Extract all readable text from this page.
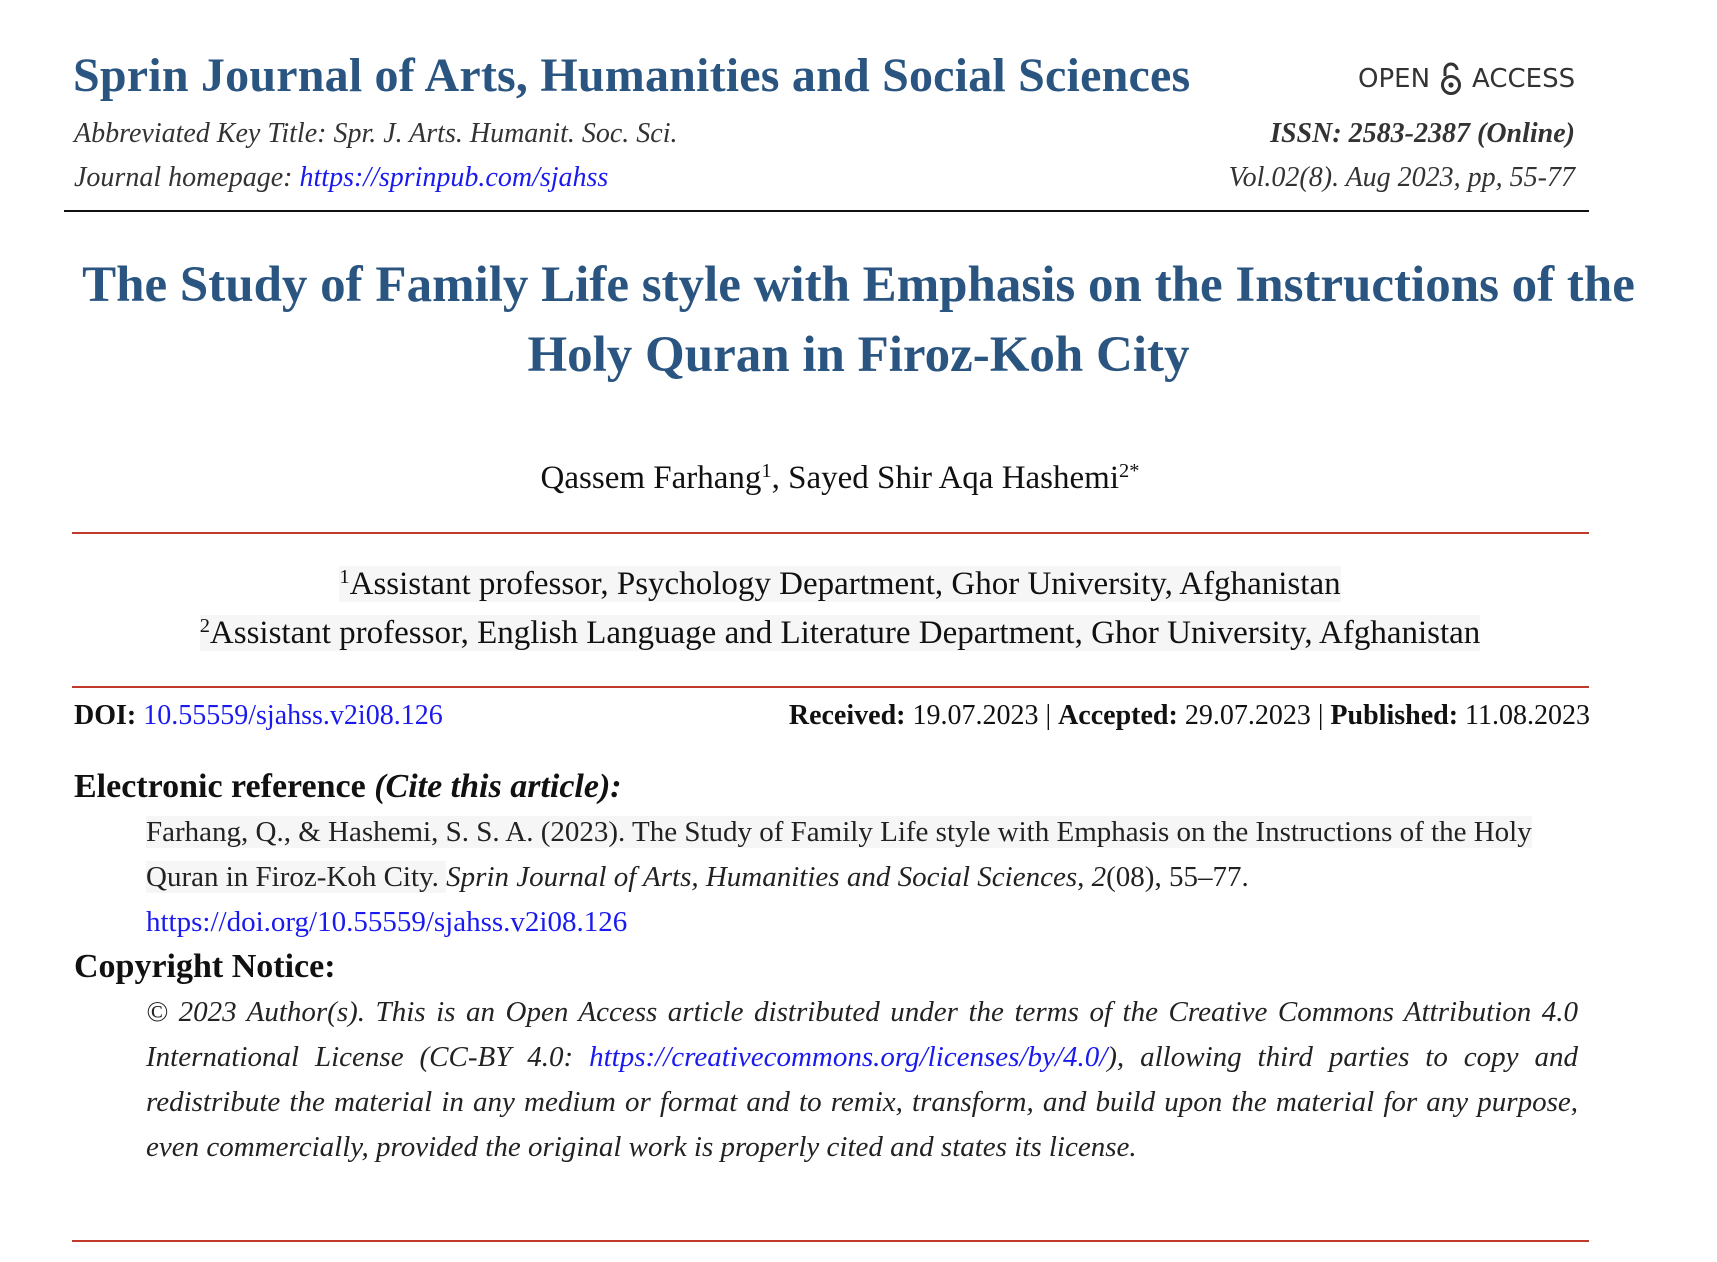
Sprin Journal of Arts, Humanities and Social Sciences	OPEN ACCESS
Abbreviated Key Title: Spr. J. Arts. Humanit. Soc. Sci.	ISSN: 2583-2387 (Online)
Journal homepage: https://sprinpub.com/sjahss	Vol.02(8). Aug 2023, pp, 55-77
The Study of Family Life style with Emphasis on the Instructions of the Holy Quran in Firoz-Koh City
Qassem Farhang$^1$, Sayed Shir Aqa Hashemi$^{2*}$
$^1$Assistant professor, Psychology Department, Ghor University, Afghanistan
$^2$Assistant professor, English Language and Literature Department, Ghor University, Afghanistan
DOI: 10.55559/sjahss.v2i08.126	Received: 19.07.2023 | Accepted: 29.07.2023 | Published: 11.08.2023
Electronic reference (Cite this article):
Farhang, Q., & Hashemi, S. S. A. (2023). The Study of Family Life style with Emphasis on the Instructions of the Holy Quran in Firoz-Koh City. Sprin Journal of Arts, Humanities and Social Sciences, 2(08), 55–77. https://doi.org/10.55559/sjahss.v2i08.126
Copyright Notice:
© 2023 Author(s). This is an Open Access article distributed under the terms of the Creative Commons Attribution 4.0 International License (CC-BY 4.0: https://creativecommons.org/licenses/by/4.0/), allowing third parties to copy and redistribute the material in any medium or format and to remix, transform, and build upon the material for any purpose, even commercially, provided the original work is properly cited and states its license.
